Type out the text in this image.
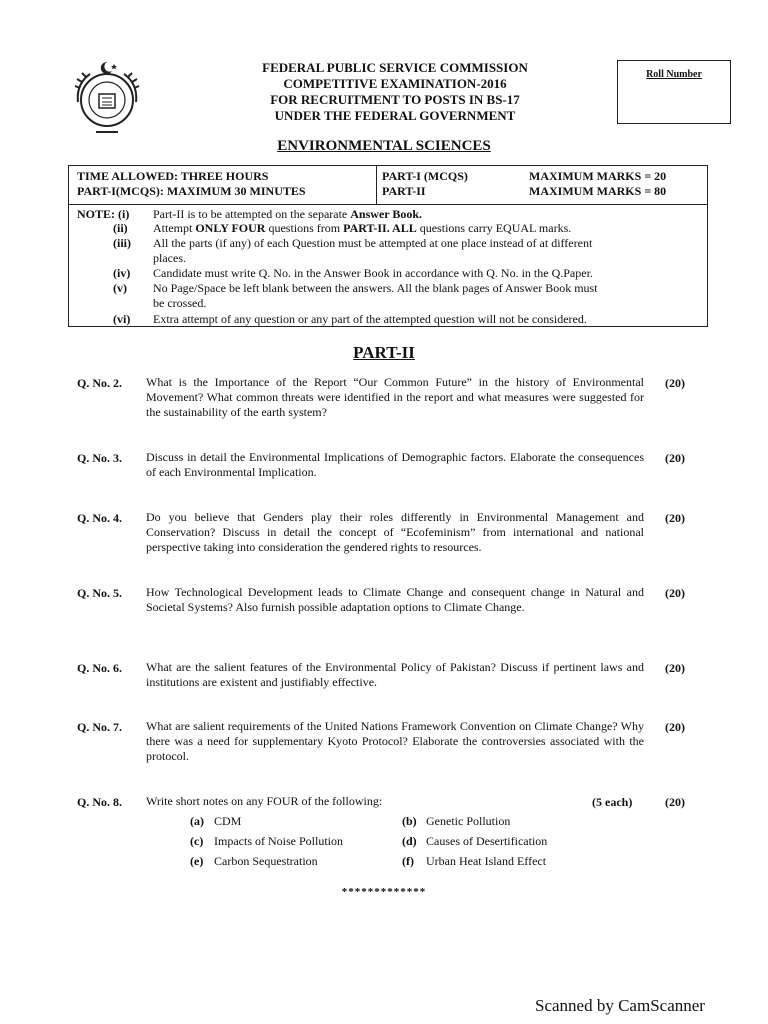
FEDERAL PUBLIC SERVICE COMMISSION
COMPETITIVE EXAMINATION-2016
FOR RECRUITMENT TO POSTS IN BS-17
UNDER THE FEDERAL GOVERNMENT
Roll Number
ENVIRONMENTAL SCIENCES
TIME ALLOWED: THREE HOURS
PART-I(MCQS): MAXIMUM 30 MINUTES
PART-I (MCQS)	MAXIMUM MARKS = 20
PART-II	MAXIMUM MARKS = 80
NOTE: (i) Part-II is to be attempted on the separate Answer Book.
(ii) Attempt ONLY FOUR questions from PART-II. ALL questions carry EQUAL marks.
(iii) All the parts (if any) of each Question must be attempted at one place instead of at different
places.
(iv) Candidate must write Q. No. in the Answer Book in accordance with Q. No. in the Q.Paper.
(v) No Page/Space be left blank between the answers. All the blank pages of Answer Book must
be crossed.
(vi) Extra attempt of any question or any part of the attempted question will not be considered.
PART-II
Q. No. 2. What is the Importance of the Report “Our Common Future” in the history of Environmental Movement? What common threats were identified in the report and what measures were suggested for the sustainability of the earth system?
(20)
Q. No. 3. Discuss in detail the Environmental Implications of Demographic factors. Elaborate the consequences of each Environmental Implication.
(20)
Q. No. 4. Do you believe that Genders play their roles differently in Environmental Management and Conservation? Discuss in detail the concept of “Ecofeminism” from international and national perspective taking into consideration the gendered rights to resources.
(20)
Q. No. 5. How Technological Development leads to Climate Change and consequent change in Natural and Societal Systems? Also furnish possible adaptation options to Climate Change.
(20)
Q. No. 6. What are the salient features of the Environmental Policy of Pakistan? Discuss if pertinent laws and institutions are existent and justifiably effective.
(20)
Q. No. 7. What are salient requirements of the United Nations Framework Convention on Climate Change? Why there was a need for supplementary Kyoto Protocol? Elaborate the controversies associated with the protocol.
(20)
Q. No. 8. Write short notes on any FOUR of the following:	(5 each)	(20)
(a) CDM	(b) Genetic Pollution
(c) Impacts of Noise Pollution	(d) Causes of Desertification
(e) Carbon Sequestration	(f) Urban Heat Island Effect
*************
Scanned by CamScanner
